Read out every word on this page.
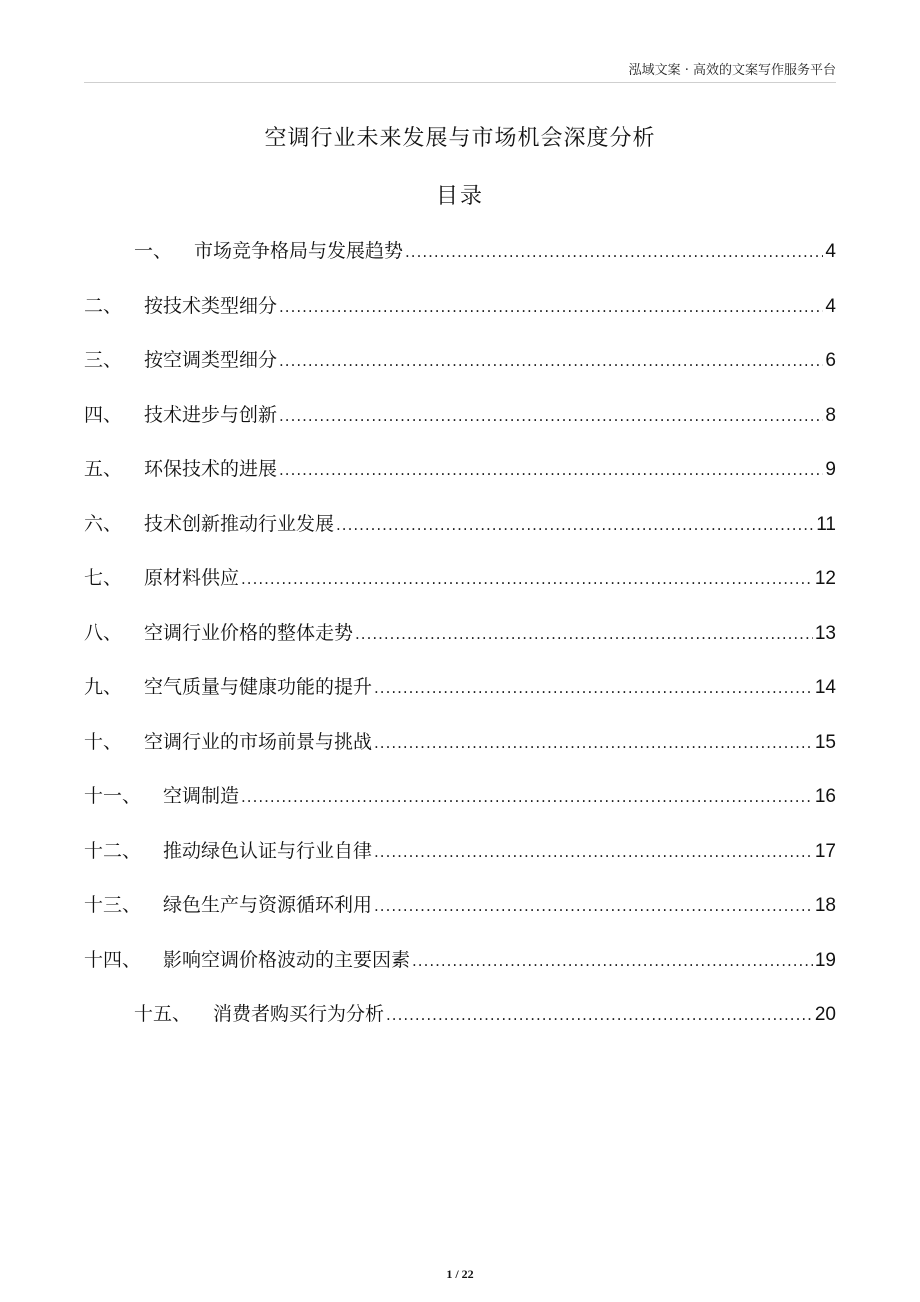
泓域文案 · 高效的文案写作服务平台
空调行业未来发展与市场机会深度分析
目录
一、 市场竞争格局与发展趋势 .....	4
二、 按技术类型细分 .....	4
三、 按空调类型细分 .....	6
四、 技术进步与创新 .....	8
五、 环保技术的进展 .....	9
六、 技术创新推动行业发展 .....	11
七、 原材料供应 .....	12
八、 空调行业价格的整体走势 .....	13
九、 空气质量与健康功能的提升 .....	14
十、 空调行业的市场前景与挑战 .....	15
十一、 空调制造 .....	16
十二、 推动绿色认证与行业自律 .....	17
十三、 绿色生产与资源循环利用 .....	18
十四、 影响空调价格波动的主要因素 .....	19
十五、 消费者购买行为分析 .....	20
1 / 22
